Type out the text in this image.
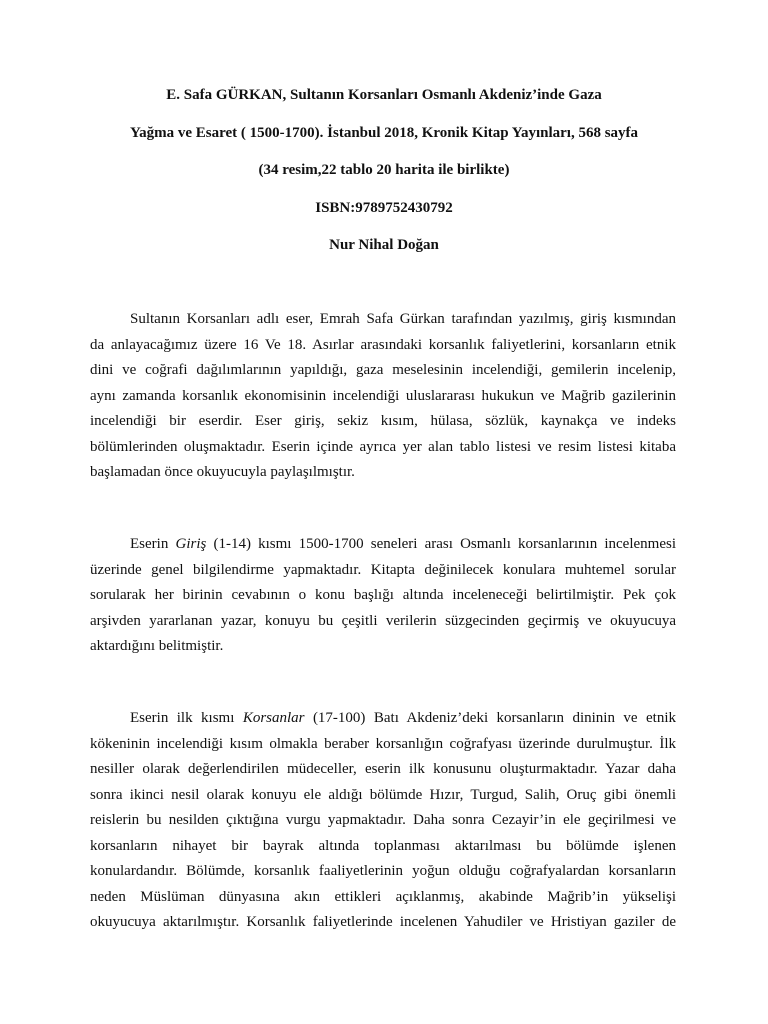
E. Safa GÜRKAN, Sultanın Korsanları Osmanlı Akdeniz’inde Gaza
Yağma ve Esaret ( 1500-1700). İstanbul 2018, Kronik Kitap Yayınları, 568 sayfa
(34 resim,22 tablo 20 harita ile birlikte)
ISBN:9789752430792
Nur Nihal Doğan
Sultanın Korsanları adlı eser, Emrah Safa Gürkan tarafından yazılmış, giriş kısmından
da anlayacağımız üzere 16 Ve 18. Asırlar arasındaki korsanlık faliyetlerini, korsanların etnik
dini ve coğrafi dağılımlarının yapıldığı, gaza meselesinin incelendiği, gemilerin incelenip,
aynı zamanda korsanlık ekonomisinin incelendiği uluslararası hukukun ve Mağrib gazilerinin
incelendiği bir eserdir. Eser giriş, sekiz kısım, hülasa, sözlük, kaynakça ve indeks
bölümlerinden oluşmaktadır. Eserin içinde ayrıca yer alan tablo listesi ve resim listesi kitaba
başlamadan önce okuyucuyla paylaşılmıştır.
Eserin Giriş (1-14) kısmı 1500-1700 seneleri arası Osmanlı korsanlarının incelenmesi
üzerinde genel bilgilendirme yapmaktadır. Kitapta değinilecek konulara muhtemel sorular
sorularak her birinin cevabının o konu başlığı altında inceleneceği belirtilmiştir. Pek çok
arşivden yararlanan yazar, konuyu bu çeşitli verilerin süzgecinden geçirmiş ve okuyucuya
aktardığını belitmiştir.
Eserin ilk kısmı Korsanlar (17-100) Batı Akdeniz’deki korsanların dininin ve etnik
kökeninin incelendiği kısım olmakla beraber korsanlığın coğrafyası üzerinde durulmuştur. İlk
nesiller olarak değerlendirilen müdeceller, eserin ilk konusunu oluşturmaktadır. Yazar daha
sonra ikinci nesil olarak konuyu ele aldığı bölümde Hızır, Turgud, Salih, Oruç gibi önemli
reislerin bu nesilden çıktığına vurgu yapmaktadır. Daha sonra Cezayir’in ele geçirilmesi ve
korsanların nihayet bir bayrak altında toplanması aktarılması bu bölümde işlenen
konulardandır. Bölümde, korsanlık faaliyetlerinin yoğun olduğu coğrafyalardan korsanların
neden Müslüman dünyasına akın ettikleri açıklanmış, akabinde Mağrib’in yükselişi
okuyucuya aktarılmıştır. Korsanlık faliyetlerinde incelenen Yahudiler ve Hristiyan gaziler de
